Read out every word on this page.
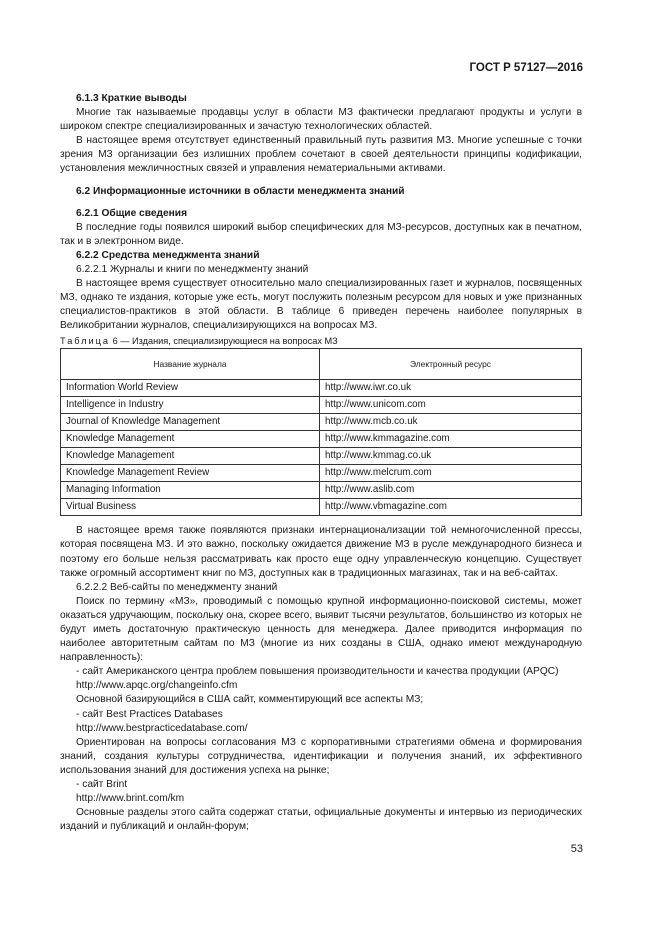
ГОСТ Р 57127—2016

6.1.3 Краткие выводы

Многие так называемые продавцы услуг в области МЗ фактически предлагают продукты и услуги в широком спектре специализированных и зачастую технологических областей.

В настоящее время отсутствует единственный правильный путь развития МЗ. Многие успешные с точки зрения МЗ организации без излишних проблем сочетают в своей деятельности принципы кодификации, установления межличностных связей и управления нематериальными активами.

6.2 Информационные источники в области менеджмента знаний

6.2.1 Общие сведения

В последние годы появился широкий выбор специфических для МЗ-ресурсов, доступных как в печатном, так и в электронном виде.

6.2.2 Средства менеджмента знаний

6.2.2.1 Журналы и книги по менеджменту знаний

В настоящее время существует относительно мало специализированных газет и журналов, посвященных МЗ, однако те издания, которые уже есть, могут послужить полезным ресурсом для новых и уже признанных специалистов-практиков в этой области. В таблице 6 приведен перечень наиболее популярных в Великобритании журналов, специализирующихся на вопросах МЗ.

Таблица 6 — Издания, специализирующиеся на вопросах МЗ

Название журнала	Электронный ресурс
Information World Review	http://www.iwr.co.uk
Intelligence in Industry	http://www.unicom.com
Journal of Knowledge Management	http://www.mcb.co.uk
Knowledge Management	http://www.kmmagazine.com
Knowledge Management	http://www.kmmag.co.uk
Knowledge Management Review	http://www.melcrum.com
Managing Information	http://www.aslib.com
Virtual Business	http://www.vbmagazine.com

В настоящее время также появляются признаки интернационализации той немногочисленной прессы, которая посвящена МЗ. И это важно, поскольку ожидается движение МЗ в русле международного бизнеса и поэтому его больше нельзя рассматривать как просто еще одну управленческую концепцию. Существует также огромный ассортимент книг по МЗ, доступных как в традиционных магазинах, так и на веб-сайтах.

6.2.2.2 Веб-сайты по менеджменту знаний

Поиск по термину «МЗ», проводимый с помощью крупной информационно-поисковой системы, может оказаться удручающим, поскольку она, скорее всего, выявит тысячи результатов, большинство из которых не будут иметь достаточную практическую ценность для менеджера. Далее приводится информация по наиболее авторитетным сайтам по МЗ (многие из них созданы в США, однако имеют международную направленность):

- сайт Американского центра проблем повышения производительности и качества продукции (APQC)

http://www.apqc.org/changeinfo.cfm

Основной базирующийся в США сайт, комментирующий все аспекты МЗ;

- сайт Best Practices Databases

http://www.bestpracticedatabase.com/

Ориентирован на вопросы согласования МЗ с корпоративными стратегиями обмена и формирования знаний, создания культуры сотрудничества, идентификации и получения знаний, их эффективного использования знаний для достижения успеха на рынке;

- сайт Brint

http://www.brint.com/km

Основные разделы этого сайта содержат статьи, официальные документы и интервью из периодических изданий и публикаций и онлайн-форум;

53
